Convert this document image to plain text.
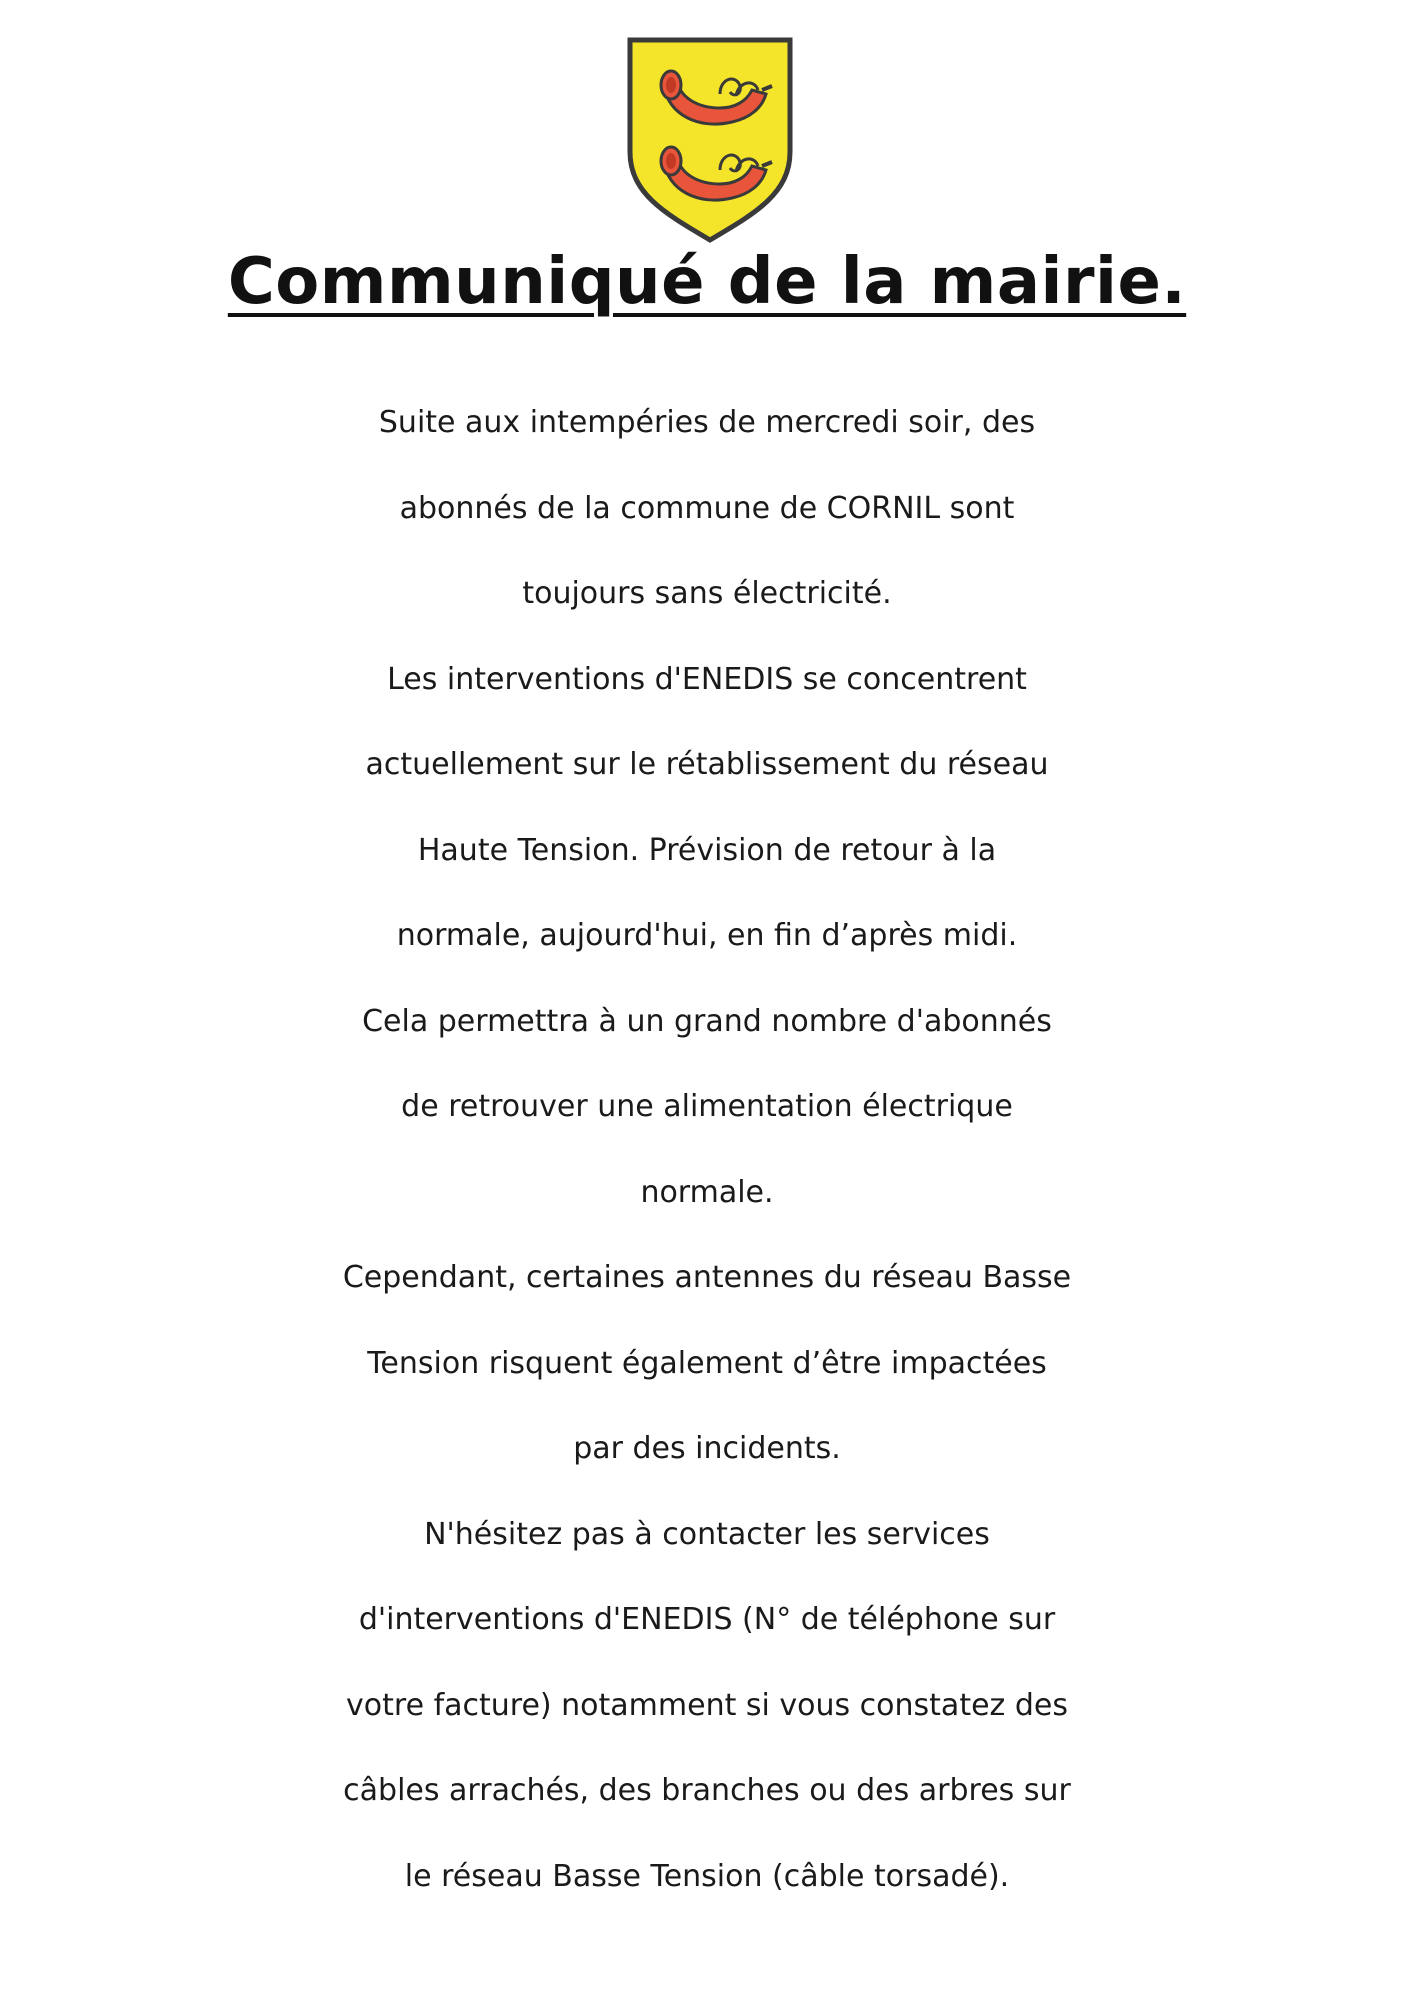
Communiqué de la mairie.
Suite aux intempéries de mercredi soir, des
abonnés de la commune de CORNIL sont
toujours sans électricité.
Les interventions d'ENEDIS se concentrent
actuellement sur le rétablissement du réseau
Haute Tension. Prévision de retour à la
normale, aujourd'hui, en fin d’après midi.
Cela permettra à un grand nombre d'abonnés
de retrouver une alimentation électrique
normale.
Cependant, certaines antennes du réseau Basse
Tension risquent également d’être impactées
par des incidents.
N'hésitez pas à contacter les services
d'interventions d'ENEDIS (N° de téléphone sur
votre facture) notamment si vous constatez des
câbles arrachés, des branches ou des arbres sur
le réseau Basse Tension (câble torsadé).
